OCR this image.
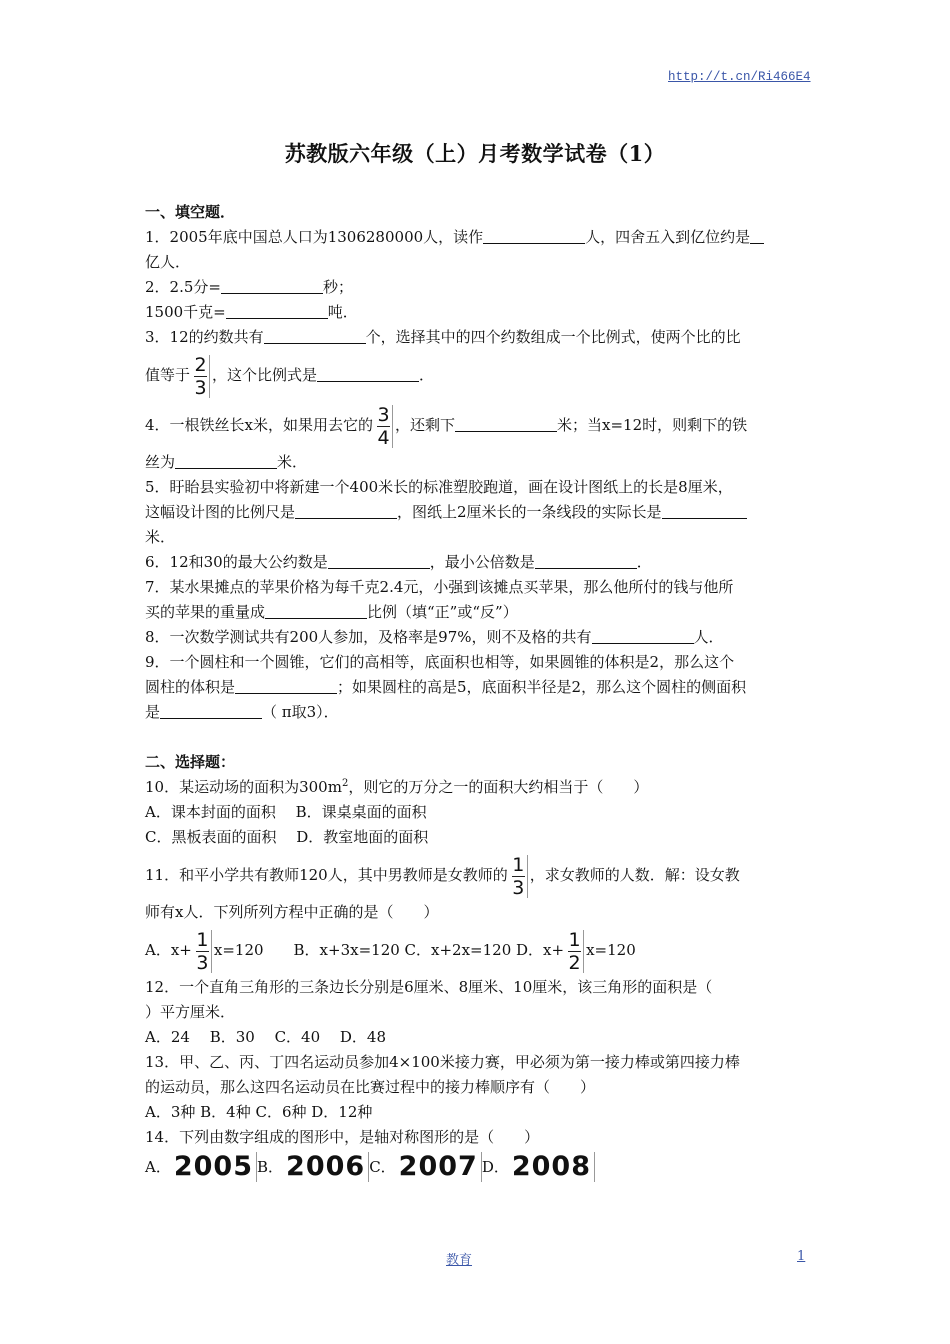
http://t.cn/Ri466E4
苏教版六年级（上）月考数学试卷（1）
一、填空题．
1．2005年底中国总人口为1306280000人，读作	人，四舍五入到亿位约是
亿人．
2．2.5分=	秒；
1500千克=	吨．
3．12的约数共有	个，选择其中的四个约数组成一个比例式，使两个比的比
值等于 $\frac{2}{3}$ ，这个比例式是	．
4．一根铁丝长x米，如果用去它的 $\frac{3}{4}$ ，还剩下	米；当x=12时，则剩下的铁
丝为	米．
5．盱眙县实验初中将新建一个400米长的标准塑胶跑道，画在设计图纸上的长是8厘米，
这幅设计图的比例尺是	，图纸上2厘米长的一条线段的实际长是
米．
6．12和30的最大公约数是	，最小公倍数是	．
7．某水果摊点的苹果价格为每千克2.4元，小强到该摊点买苹果，那么他所付的钱与他所
买的苹果的重量成	比例（填“正”或“反”）
8．一次数学测试共有200人参加，及格率是97%，则不及格的共有	人．
9．一个圆柱和一个圆锥，它们的高相等，底面积也相等，如果圆锥的体积是2，那么这个
圆柱的体积是	；如果圆柱的高是5，底面积半径是2，那么这个圆柱的侧面积
是	（ π取3）．
二、选择题：
10．某运动场的面积为$300m^2$，则它的万分之一的面积大约相当于（　　）
A．课本封面的面积　 B．课桌桌面的面积
C．黑板表面的面积　 D．教室地面的面积
11．和平小学共有教师120人，其中男教师是女教师的 $\frac{1}{3}$ ，求女教师的人数．解：设女教
师有x人．下列所列方程中正确的是（　　）
A．$x+ \frac{1}{3} x=120$　　B．x+3x=120 C．x+2x=120 D．$x+ \frac{1}{2} x=120$
12．一个直角三角形的三条边长分别是6厘米、8厘米、10厘米，该三角形的面积是（
）平方厘米．
A．24　 B．30　 C．40　 D．48
13．甲、乙、丙、丁四名运动员参加4×100米接力赛，甲必须为第一接力棒或第四接力棒
的运动员，那么这四名运动员在比赛过程中的接力棒顺序有（　　）
A．3种 B．4种 C．6种 D．12种
14．下列由数字组成的图形中，是轴对称图形的是（　　）
A． 2005 B． 2006 C． 2007 D． 2008
教育	1
